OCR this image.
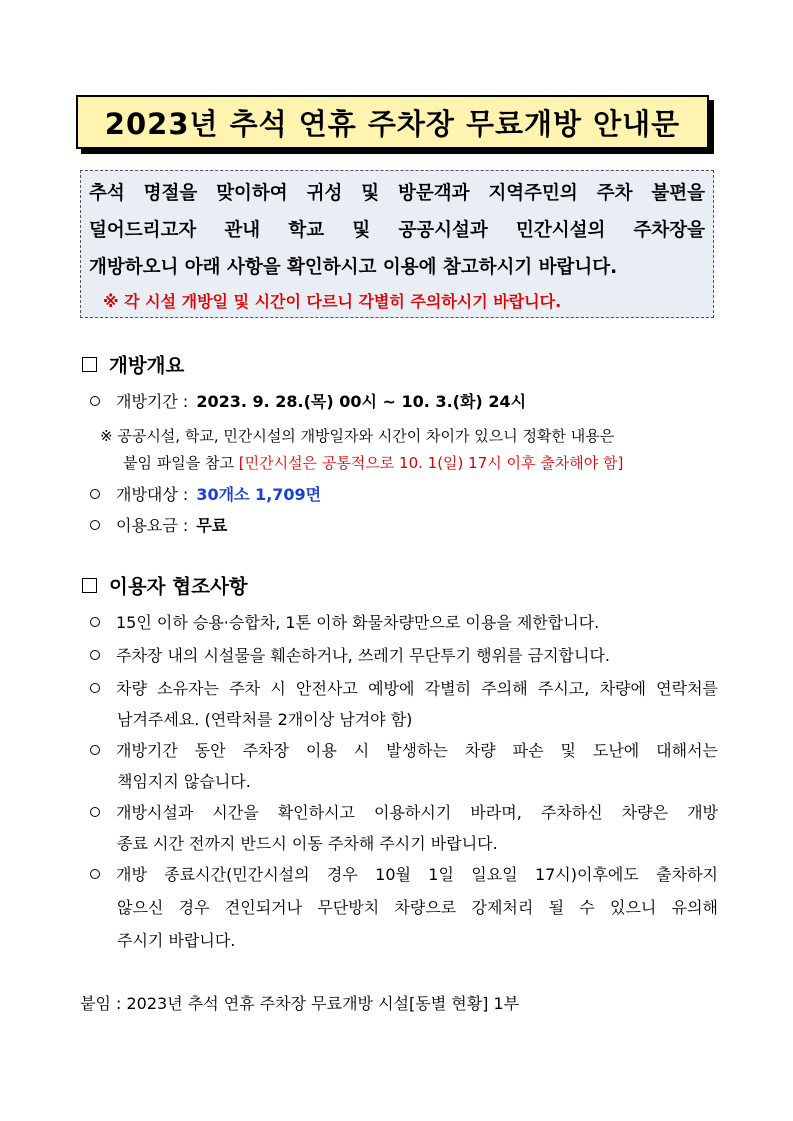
2023년 추석 연휴 주차장 무료개방 안내문
추석 명절을 맞이하여 귀성 및 방문객과 지역주민의 주차 불편을
덜어드리고자 관내 학교 및 공공시설과 민간시설의 주차장을
개방하오니 아래 사항을 확인하시고 이용에 참고하시기 바랍니다.
※ 각 시설 개방일 및 시간이 다르니 각별히 주의하시기 바랍니다.
개방개요
개방기간 : 2023. 9. 28.(목) 00시 ~ 10. 3.(화) 24시
※ 공공시설, 학교, 민간시설의 개방일자와 시간이 차이가 있으니 정확한 내용은
붙임 파일을 참고 [민간시설은 공통적으로 10. 1(일) 17시 이후 출차해야 함]
개방대상 : 30개소 1,709면
이용요금 : 무료
이용자 협조사항
15인 이하 승용·승합차, 1톤 이하 화물차량만으로 이용을 제한합니다.
주차장 내의 시설물을 훼손하거나, 쓰레기 무단투기 행위를 금지합니다.
차량 소유자는 주차 시 안전사고 예방에 각별히 주의해 주시고, 차량에 연락처를
남겨주세요. (연락처를 2개이상 남겨야 함)
개방기간 동안 주차장 이용 시 발생하는 차량 파손 및 도난에 대해서는
책임지지 않습니다.
개방시설과 시간을 확인하시고 이용하시기 바라며, 주차하신 차량은 개방
종료 시간 전까지 반드시 이동 주차해 주시기 바랍니다.
개방 종료시간(민간시설의 경우 10월 1일 일요일 17시)이후에도 출차하지
않으신 경우 견인되거나 무단방치 차량으로 강제처리 될 수 있으니 유의해
주시기 바랍니다.
붙임 : 2023년 추석 연휴 주차장 무료개방 시설[동별 현황] 1부
